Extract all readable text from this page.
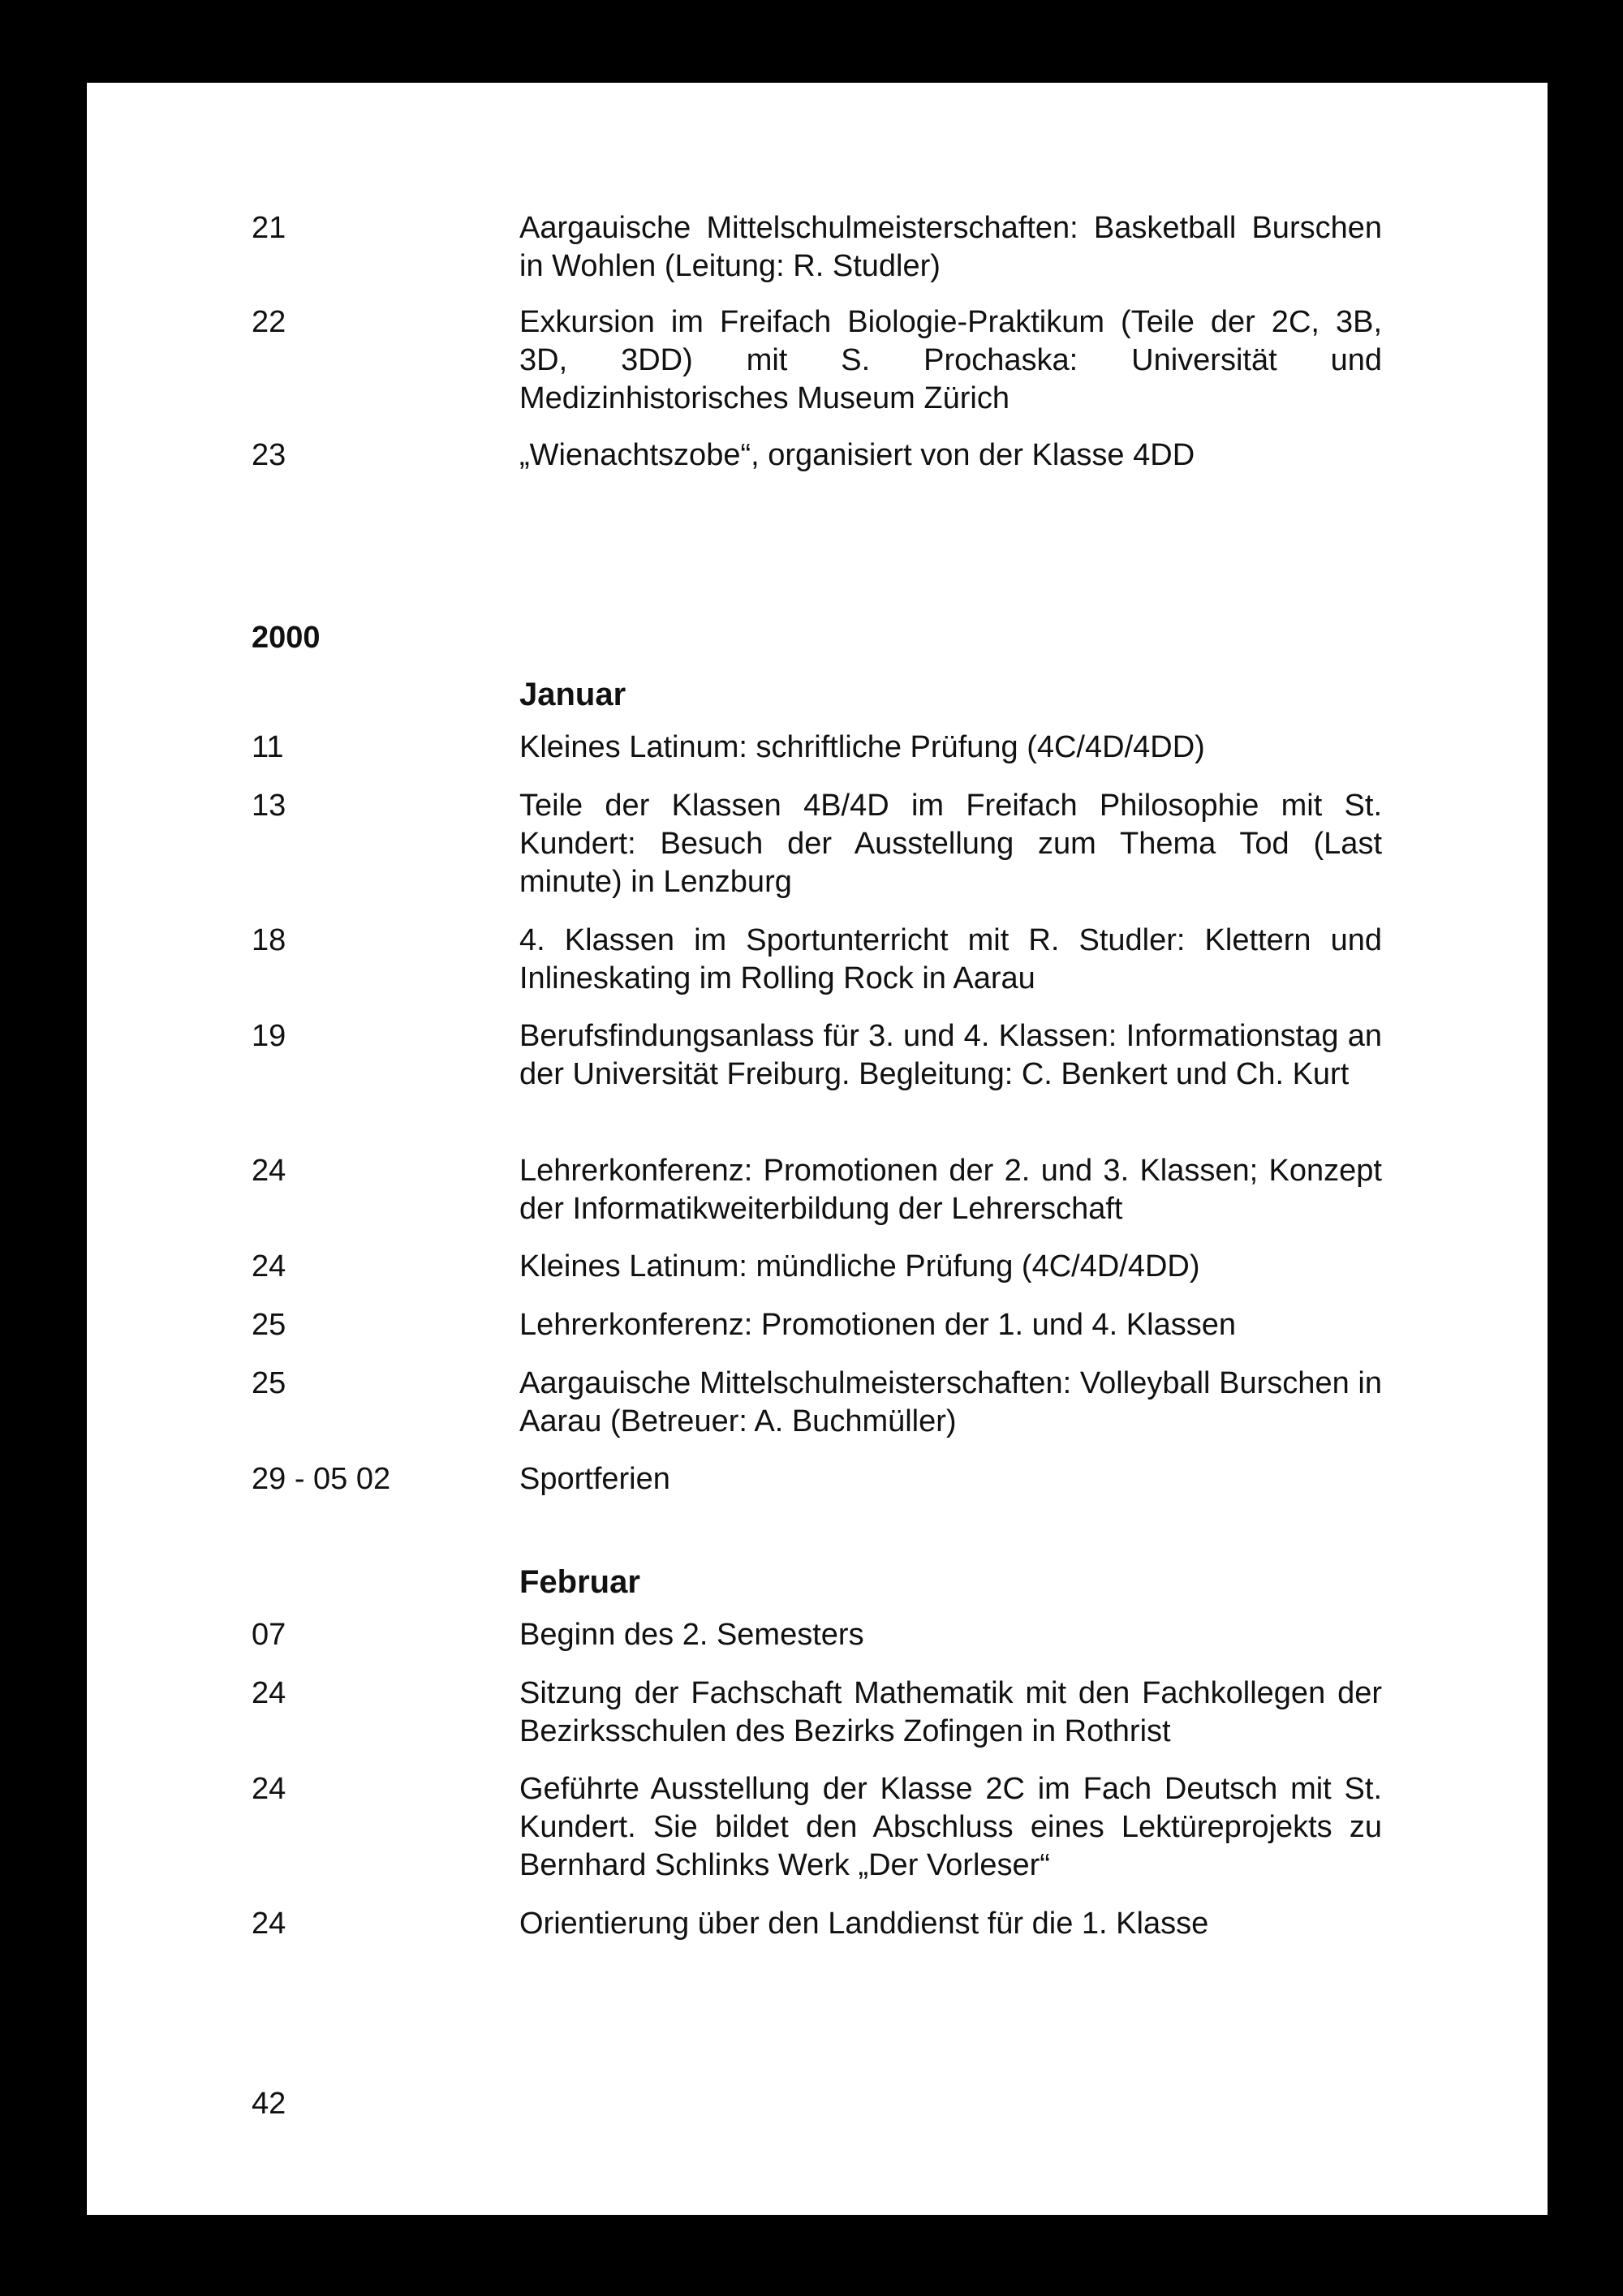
21	Aargauische Mittelschulmeisterschaften: Basketball Burschen in Wohlen (Leitung: R. Studler)
22	Exkursion im Freifach Biologie-Praktikum (Teile der 2C, 3B, 3D, 3DD) mit S. Prochaska: Universität und Medizinhistorisches Museum Zürich
23	„Wienachtszobe“, organisiert von der Klasse 4DD
2000
Januar
11	Kleines Latinum: schriftliche Prüfung (4C/4D/4DD)
13	Teile der Klassen 4B/4D im Freifach Philosophie mit St. Kundert: Besuch der Ausstellung zum Thema Tod (Last minute) in Lenzburg
18	4. Klassen im Sportunterricht mit R. Studler: Klettern und Inlineskating im Rolling Rock in Aarau
19	Berufsfindungsanlass für 3. und 4. Klassen: Informationstag an der Universität Freiburg. Begleitung: C. Benkert und Ch. Kurt
24	Lehrerkonferenz: Promotionen der 2. und 3. Klassen; Konzept der Informatikweiterbildung der Lehrerschaft
24	Kleines Latinum: mündliche Prüfung (4C/4D/4DD)
25	Lehrerkonferenz: Promotionen der 1. und 4. Klassen
25	Aargauische Mittelschulmeisterschaften: Volleyball Burschen in Aarau (Betreuer: A. Buchmüller)
29 - 05 02	Sportferien
Februar
07	Beginn des 2. Semesters
24	Sitzung der Fachschaft Mathematik mit den Fachkollegen der Bezirksschulen des Bezirks Zofingen in Rothrist
24	Geführte Ausstellung der Klasse 2C im Fach Deutsch mit St. Kundert. Sie bildet den Abschluss eines Lektüreprojekts zu Bernhard Schlinks Werk „Der Vorleser“
24	Orientierung über den Landdienst für die 1. Klasse
42
